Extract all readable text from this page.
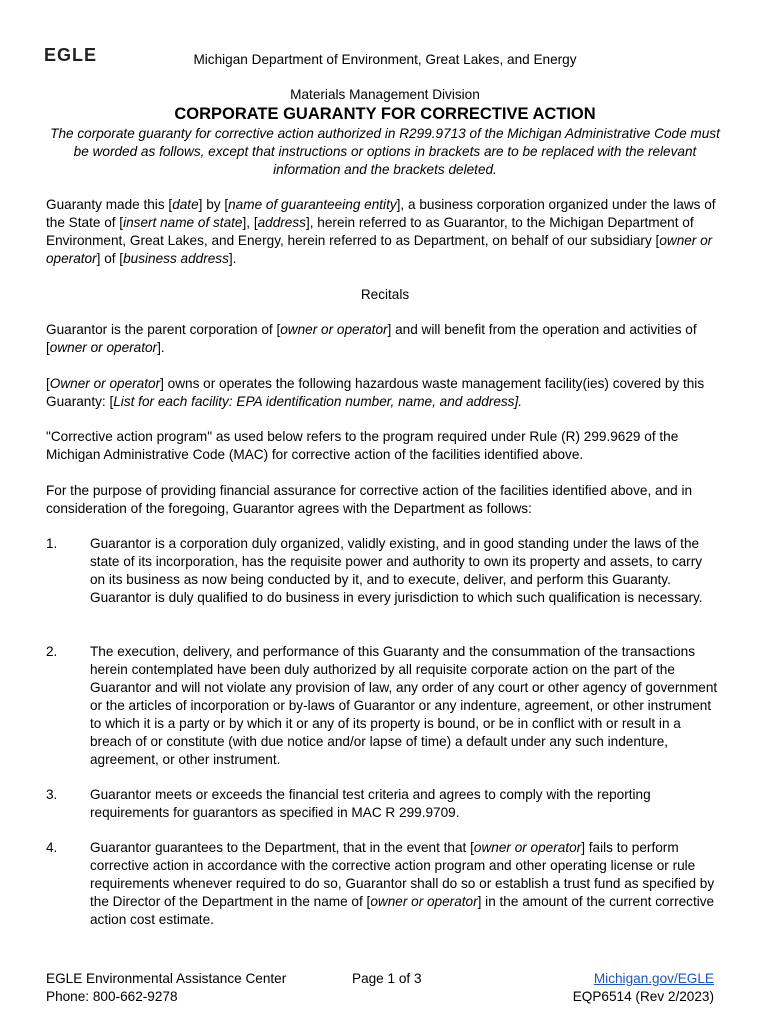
EGLE	Michigan Department of Environment, Great Lakes, and Energy
Materials Management Division
CORPORATE GUARANTY FOR CORRECTIVE ACTION
The corporate guaranty for corrective action authorized in R299.9713 of the Michigan Administrative Code must be worded as follows, except that instructions or options in brackets are to be replaced with the relevant information and the brackets deleted.
Guaranty made this [date] by [name of guaranteeing entity], a business corporation organized under the laws of the State of [insert name of state], [address], herein referred to as Guarantor, to the Michigan Department of Environment, Great Lakes, and Energy, herein referred to as Department, on behalf of our subsidiary [owner or operator] of [business address].
Recitals
Guarantor is the parent corporation of [owner or operator] and will benefit from the operation and activities of [owner or operator].
[Owner or operator] owns or operates the following hazardous waste management facility(ies) covered by this Guaranty: [List for each facility: EPA identification number, name, and address].
"Corrective action program" as used below refers to the program required under Rule (R) 299.9629 of the Michigan Administrative Code (MAC) for corrective action of the facilities identified above.
For the purpose of providing financial assurance for corrective action of the facilities identified above, and in consideration of the foregoing, Guarantor agrees with the Department as follows:
1.	Guarantor is a corporation duly organized, validly existing, and in good standing under the laws of the state of its incorporation, has the requisite power and authority to own its property and assets, to carry on its business as now being conducted by it, and to execute, deliver, and perform this Guaranty. Guarantor is duly qualified to do business in every jurisdiction to which such qualification is necessary.
2.	The execution, delivery, and performance of this Guaranty and the consummation of the transactions herein contemplated have been duly authorized by all requisite corporate action on the part of the Guarantor and will not violate any provision of law, any order of any court or other agency of government or the articles of incorporation or by-laws of Guarantor or any indenture, agreement, or other instrument to which it is a party or by which it or any of its property is bound, or be in conflict with or result in a breach of or constitute (with due notice and/or lapse of time) a default under any such indenture, agreement, or other instrument.
3.	Guarantor meets or exceeds the financial test criteria and agrees to comply with the reporting requirements for guarantors as specified in MAC R 299.9709.
4.	Guarantor guarantees to the Department, that in the event that [owner or operator] fails to perform corrective action in accordance with the corrective action program and other operating license or rule requirements whenever required to do so, Guarantor shall do so or establish a trust fund as specified by the Director of the Department in the name of [owner or operator] in the amount of the current corrective action cost estimate.
EGLE Environmental Assistance Center
Phone: 800-662-9278
Page 1 of 3	Michigan.gov/EGLE
EQP6514 (Rev 2/2023)
